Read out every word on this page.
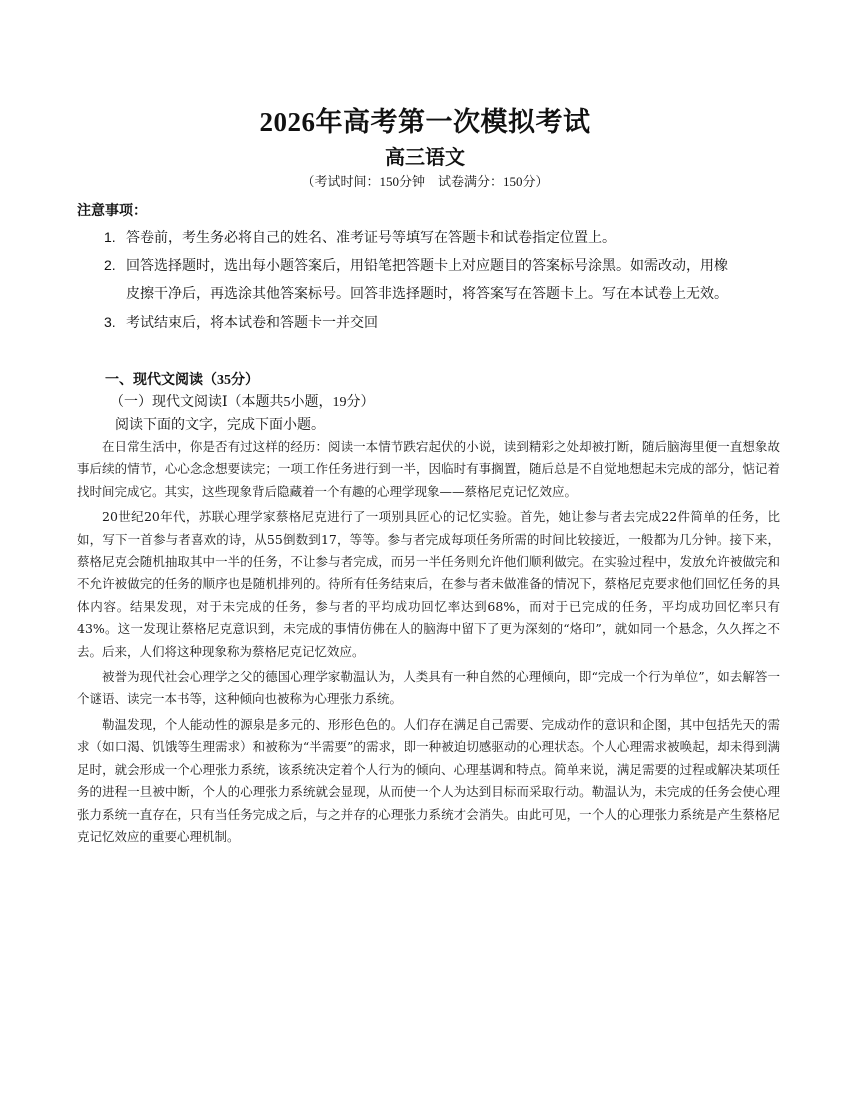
2026年高考第一次模拟考试
高三语文
（考试时间：150分钟　试卷满分：150分）
注意事项：
1. 答卷前，考生务必将自己的姓名、准考证号等填写在答题卡和试卷指定位置上。
2. 回答选择题时，选出每小题答案后，用铅笔把答题卡上对应题目的答案标号涂黑。如需改动，用橡
皮擦干净后，再选涂其他答案标号。回答非选择题时，将答案写在答题卡上。写在本试卷上无效。
3. 考试结束后，将本试卷和答题卡一并交回
一、现代文阅读（35分）
（一）现代文阅读Ⅰ（本题共5小题，19分）
阅读下面的文字，完成下面小题。

在日常生活中，你是否有过这样的经历：阅读一本情节跌宕起伏的小说，读到精彩之处却被打断，随后脑海里便一直想象故事后续的情节，心心念念想要读完；一项工作任务进行到一半，因临时有事搁置，随后总是不自觉地想起未完成的部分，惦记着找时间完成它。其实，这些现象背后隐藏着一个有趣的心理学现象——蔡格尼克记忆效应。

20世纪20年代，苏联心理学家蔡格尼克进行了一项别具匠心的记忆实验。首先，她让参与者去完成22件简单的任务，比如，写下一首参与者喜欢的诗，从55倒数到17，等等。参与者完成每项任务所需的时间比较接近，一般都为几分钟。接下来，蔡格尼克会随机抽取其中一半的任务，不让参与者完成，而另一半任务则允许他们顺利做完。在实验过程中，发放允许被做完和不允许被做完的任务的顺序也是随机排列的。待所有任务结束后，在参与者未做准备的情况下，蔡格尼克要求他们回忆任务的具体内容。结果发现，对于未完成的任务，参与者的平均成功回忆率达到68%，而对于已完成的任务，平均成功回忆率只有43%。这一发现让蔡格尼克意识到，未完成的事情仿佛在人的脑海中留下了更为深刻的“烙印”，就如同一个悬念，久久挥之不去。后来，人们将这种现象称为蔡格尼克记忆效应。

被誉为现代社会心理学之父的德国心理学家勒温认为，人类具有一种自然的心理倾向，即“完成一个行为单位”，如去解答一个谜语、读完一本书等，这种倾向也被称为心理张力系统。

勒温发现，个人能动性的源泉是多元的、形形色色的。人们存在满足自己需要、完成动作的意识和企图，其中包括先天的需求（如口渴、饥饿等生理需求）和被称为“半需要”的需求，即一种被迫切感驱动的心理状态。个人心理需求被唤起，却未得到满足时，就会形成一个心理张力系统，该系统决定着个人行为的倾向、心理基调和特点。简单来说，满足需要的过程或解决某项任务的进程一旦被中断，个人的心理张力系统就会显现，从而使一个人为达到目标而采取行动。勒温认为，未完成的任务会使心理张力系统一直存在，只有当任务完成之后，与之并存的心理张力系统才会消失。由此可见，一个人的心理张力系统是产生蔡格尼克记忆效应的重要心理机制。
